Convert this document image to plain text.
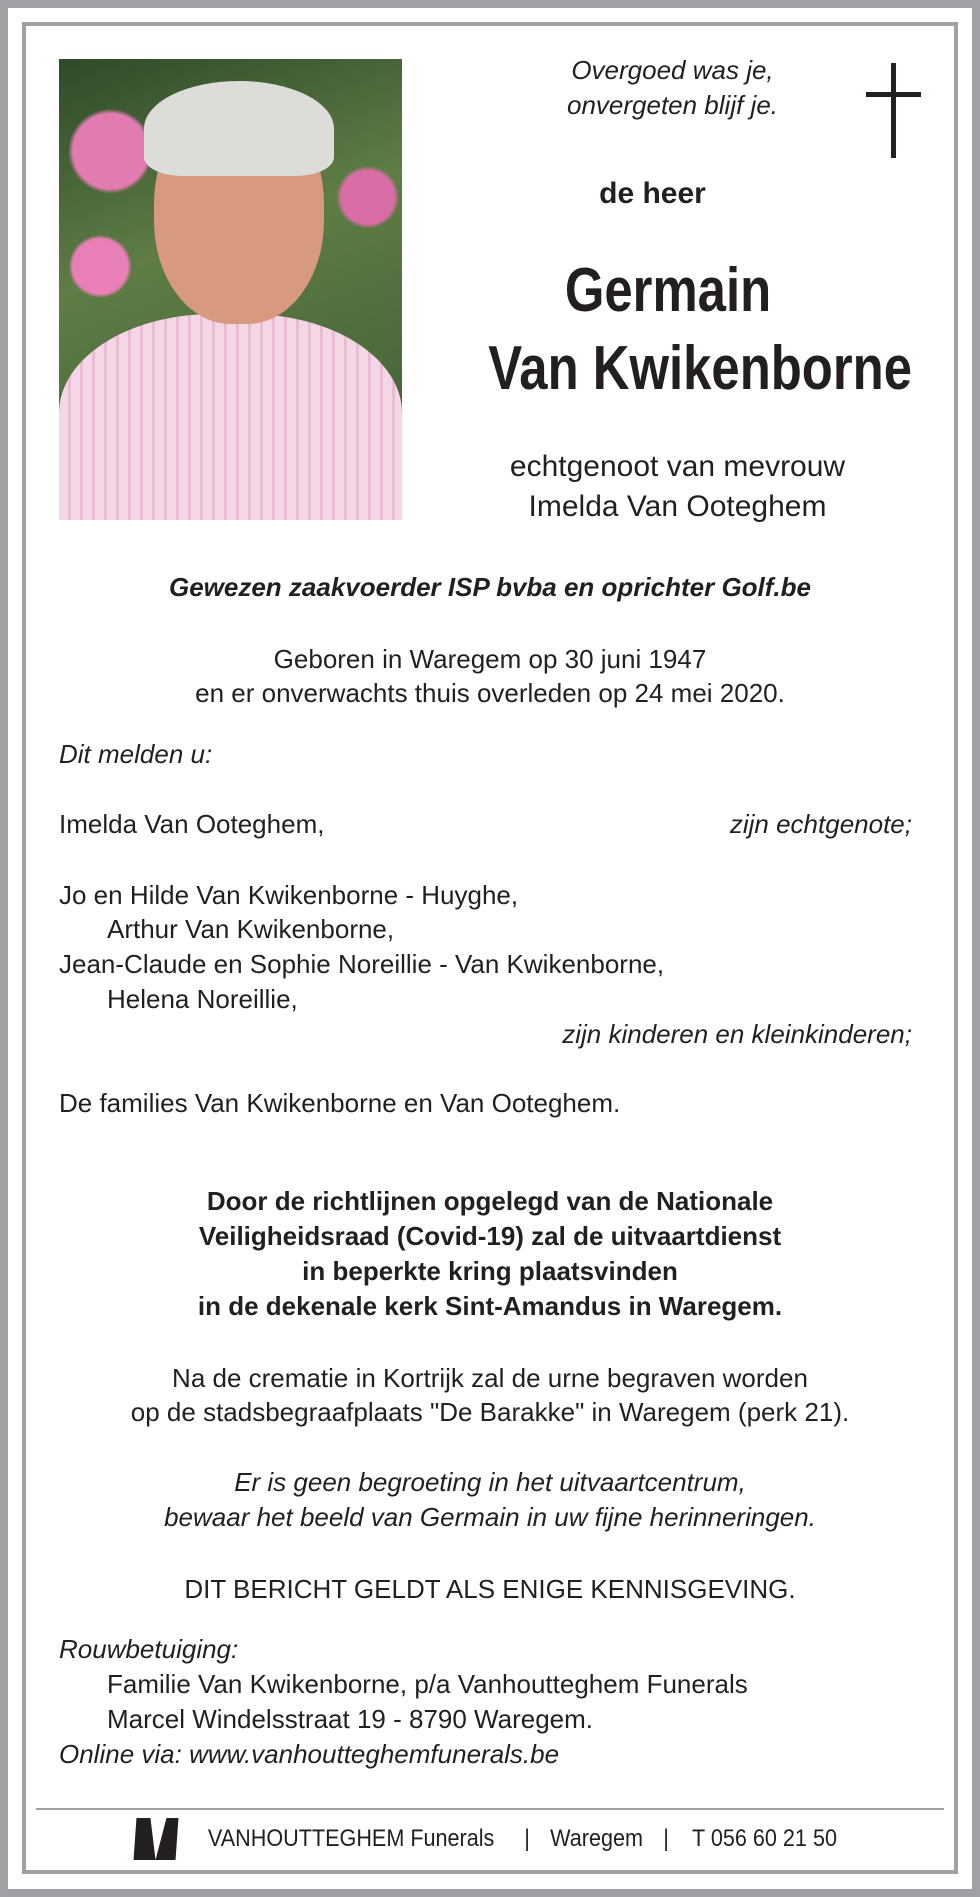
Overgoed was je,
onvergeten blijf je.
de heer
Germain
Van Kwikenborne
echtgenoot van mevrouw
Imelda Van Ooteghem
Gewezen zaakvoerder ISP bvba en oprichter Golf.be
Geboren in Waregem op 30 juni 1947
en er onverwachts thuis overleden op 24 mei 2020.
Dit melden u:
Imelda Van Ooteghem,	zijn echtgenote;
Jo en Hilde Van Kwikenborne - Huyghe,
Arthur Van Kwikenborne,
Jean-Claude en Sophie Noreillie - Van Kwikenborne,
Helena Noreillie,
zijn kinderen en kleinkinderen;
De families Van Kwikenborne en Van Ooteghem.
Door de richtlijnen opgelegd van de Nationale
Veiligheidsraad (Covid-19) zal de uitvaartdienst
in beperkte kring plaatsvinden
in de dekenale kerk Sint-Amandus in Waregem.
Na de crematie in Kortrijk zal de urne begraven worden
op de stadsbegraafplaats "De Barakke" in Waregem (perk 21).
Er is geen begroeting in het uitvaartcentrum,
bewaar het beeld van Germain in uw fijne herinneringen.
DIT BERICHT GELDT ALS ENIGE KENNISGEVING.
Rouwbetuiging:
Familie Van Kwikenborne, p/a Vanhoutteghem Funerals
Marcel Windelsstraat 19 - 8790 Waregem.
Online via: www.vanhoutteghemfunerals.be
VANHOUTTEGHEM Funerals | Waregem | T 056 60 21 50
